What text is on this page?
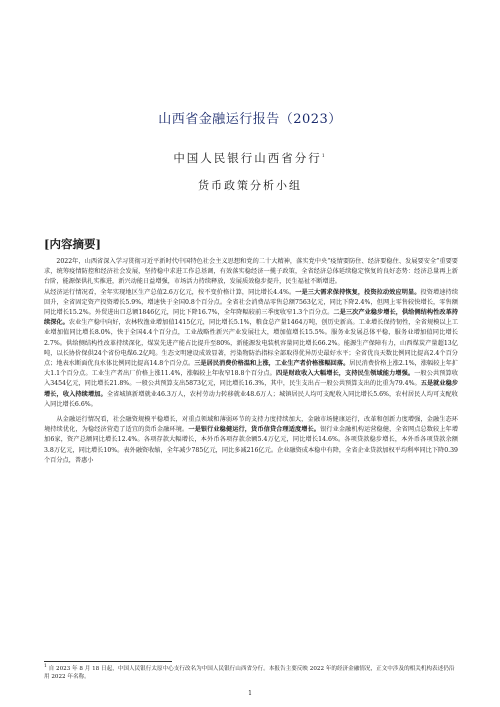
山西省金融运行报告（2023）
中国人民银行山西省分行$^1$
货币政策分析小组
[内容摘要]

2022年，山西省深入学习贯彻习近平新时代中国特色社会主义思想和党的二十大精神，落实党中央“疫情要防住、经济要稳住、发展要安全”重要要求，统筹疫情防控和经济社会发展，坚持稳中求进工作总基调，有效落实稳经济一揽子政策，全省经济总体延续稳定恢复的良好态势：经济总量再上新台阶，能源保供扎实推进，新兴动能日益增强，市场活力持续释放，发展质效稳步提升，民生福祉不断增进。
从经济运行情况看，全年实现地区生产总值2.6万亿元，按不变价格计算，同比增长4.4%。一是三大需求保持恢复，投资拉动效应明显。投资增速持续回升，全省固定资产投资增长5.9%，增速快于全国0.8个百分点。全省社会消费品零售总额7563亿元，同比下降2.4%，但网上零售较快增长，零售额同比增长15.2%。外贸进出口总额1846亿元，同比下降16.7%，全年降幅较前三季度收窄1.3个百分点。二是三次产业稳步增长，供给侧结构性改革持续深化。农业生产稳中向好，农林牧渔业增加值1415亿元，同比增长5.1%，粮食总产量1464万吨，创历史新高。工业增长保持韧性，全省规模以上工业增加值同比增长8.0%，快于全国4.4个百分点，工业战略性新兴产业发展壮大，增加值增长15.5%。服务业发展总体平稳，服务业增加值同比增长2.7%。供给侧结构性改革持续深化，煤炭先进产能占比提升至80%，新能源发电装机容量同比增长66.2%。能源生产保障有力，山西煤炭产量超13亿吨，以长协价保供24个省份电煤6.2亿吨。生态文明建设成效显著，污染物防治指标全部取得优异历史最好水平；全省优良天数比例同比提高2.4个百分点；地表水断面优良水体比例同比提高14.8个百分点。三是居民消费价格温和上涨，工业生产者价格涨幅回落。居民消费价格上涨2.1%，涨幅较上年扩大1.1个百分点。工业生产者出厂价格上涨11.4%，涨幅较上年收窄18.8个百分点。四是财政收入大幅增长，支持民生领域能力增强。一般公共预算收入3454亿元，同比增长21.8%。一般公共预算支出5873亿元，同比增长16.3%，其中，民生支出占一般公共预算支出的比重为79.4%。五是就业稳步增长，收入持续增加。全省城镇新增就业46.3万人，农村劳动力转移就业48.6万人；城镇居民人均可支配收入同比增长5.6%，农村居民人均可支配收入同比增长6.6%。

从金融运行情况看，社会融资规模平稳增长，对重点领域和薄弱环节的支持力度持续加大，金融市场健康运行，改革和创新力度增强，金融生态环境持续优化，为稳经济营造了适宜的货币金融环境。一是银行业稳健运行，货币信贷合理适度增长。银行业金融机构运营稳健，全省网点总数较上年增加6家，资产总额同比增长12.4%。各项存款大幅增长，本外币各项存款余额5.4万亿元，同比增长14.6%。各项贷款稳步增长，本外币各项贷款余额3.8万亿元，同比增长10%。表外融资收缩，全年减少785亿元，同比多减216亿元。企业融资成本稳中有降，全省企业贷款加权平均利率同比下降0.39个百分点，普惠小

$^1$ 自 2023 年 8 月 18 日起，中国人民银行太原中心支行改名为中国人民银行山西省分行。本报告主要反映 2022 年的经济金融情况，正文中涉及的相关机构表述仍沿用 2022 年名称。
1
